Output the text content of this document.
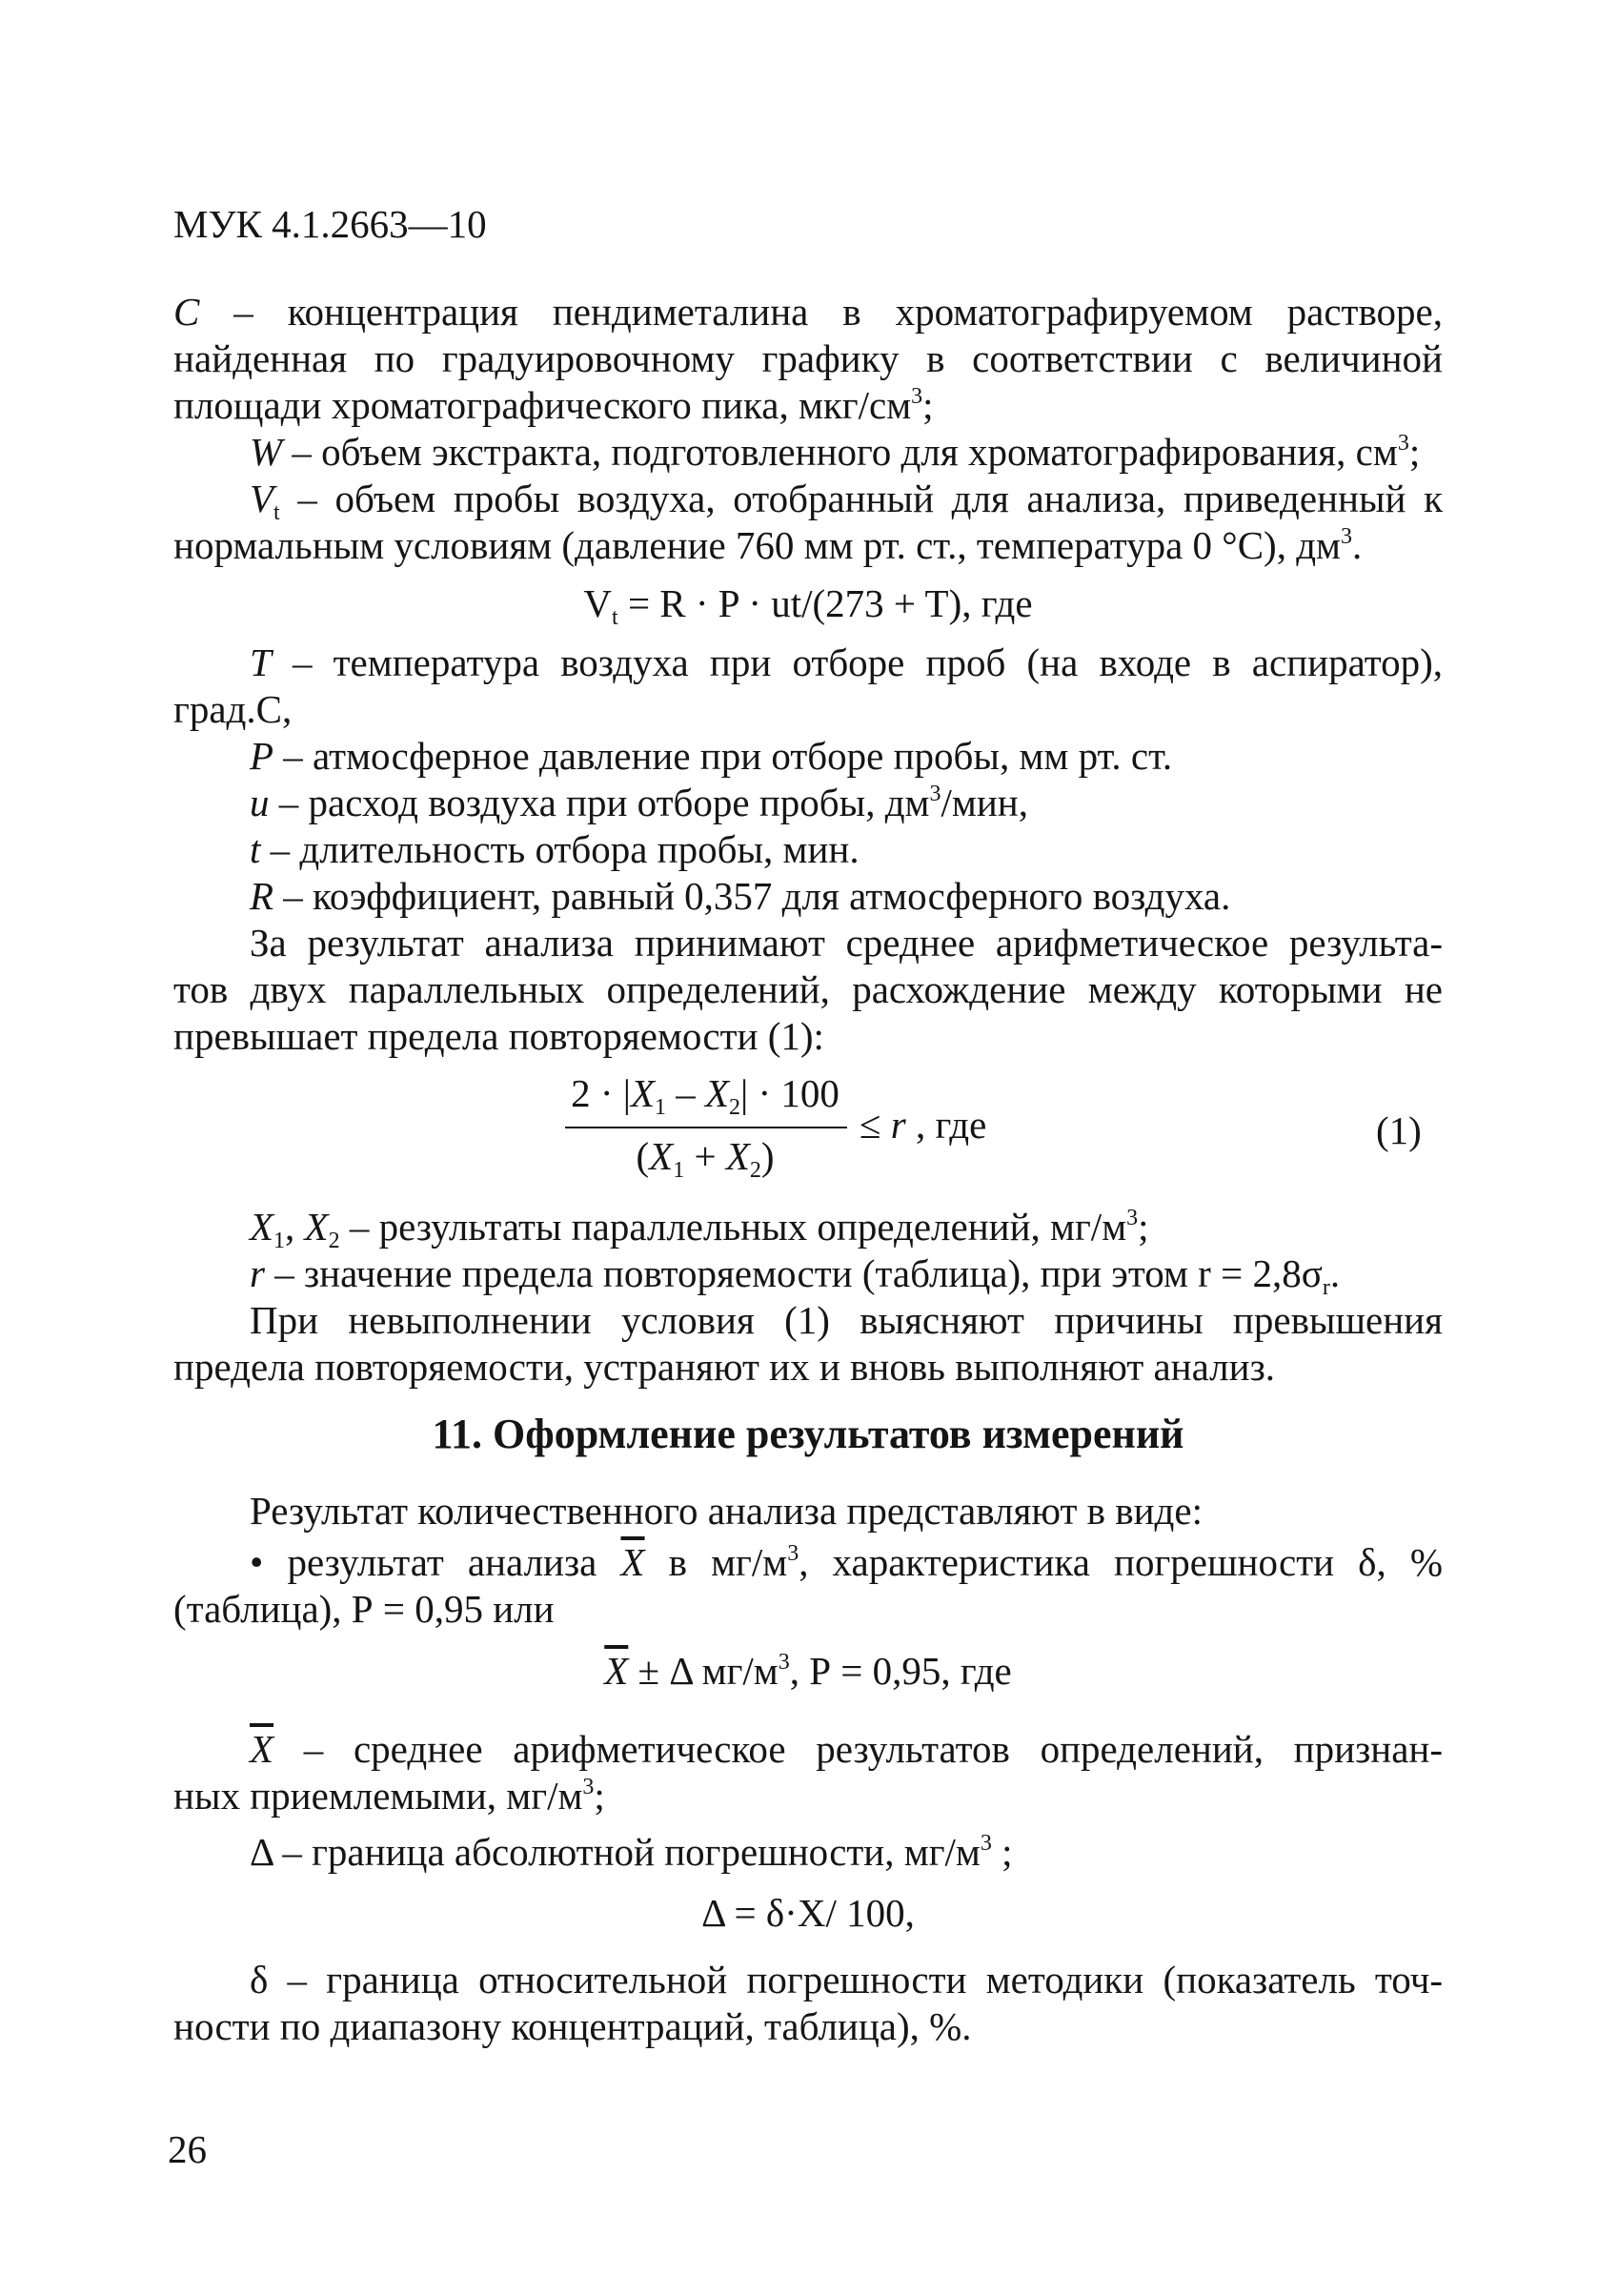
МУК 4.1.2663—10
С – концентрация пендиметалина в хроматографируемом растворе,
найденная по градуировочному графику в соответствии с величиной
площади хроматографического пика, мкг/$см^3$;
W – объем экстракта, подготовленного для хроматографирования, $см^3$;
$V_t$ – объем пробы воздуха, отобранный для анализа, приведенный к
нормальным условиям (давление 760 мм рт. ст., температура 0 °С), $дм^3$.
$V_t = R \cdot P \cdot ut/(273 + T)$, где
Т – температура воздуха при отборе проб (на входе в аспиратор),
град.С,
Р – атмосферное давление при отборе пробы, мм рт. ст.
и – расход воздуха при отборе пробы, $дм^3$/мин,
t – длительность отбора пробы, мин.
R – коэффициент, равный 0,357 для атмосферного воздуха.
За результат анализа принимают среднее арифметическое результа-
тов двух параллельных определений, расхождение между которыми не
превышает предела повторяемости (1):
$2 \cdot |X_1 - X_2| \cdot 100$
$(X_1 + X_2)$
≤ r , где	(1)
$X_1$, $X_2$ – результаты параллельных определений, $мг/м^3$;
r – значение предела повторяемости (таблица), при этом $r = 2,8\sigma_r$.
При невыполнении условия (1) выясняют причины превышения
предела повторяемости, устраняют их и вновь выполняют анализ.
11. Оформление результатов измерений
Результат количественного анализа представляют в виде:
• результат анализа $\overline{X}$ в $мг/м^3$, характеристика погрешности δ, %
(таблица), Р = 0,95 или
$\overline{X} \pm \Delta$ $мг/м^3$, Р = 0,95, где
$\overline{X}$ – среднее арифметическое результатов определений, признан-
ных приемлемыми, $мг/м^3$;
Δ – граница абсолютной погрешности, $мг/м^3$ ;
Δ = δ·Х/ 100,
δ – граница относительной погрешности методики (показатель точ-
ности по диапазону концентраций, таблица), %.
26
